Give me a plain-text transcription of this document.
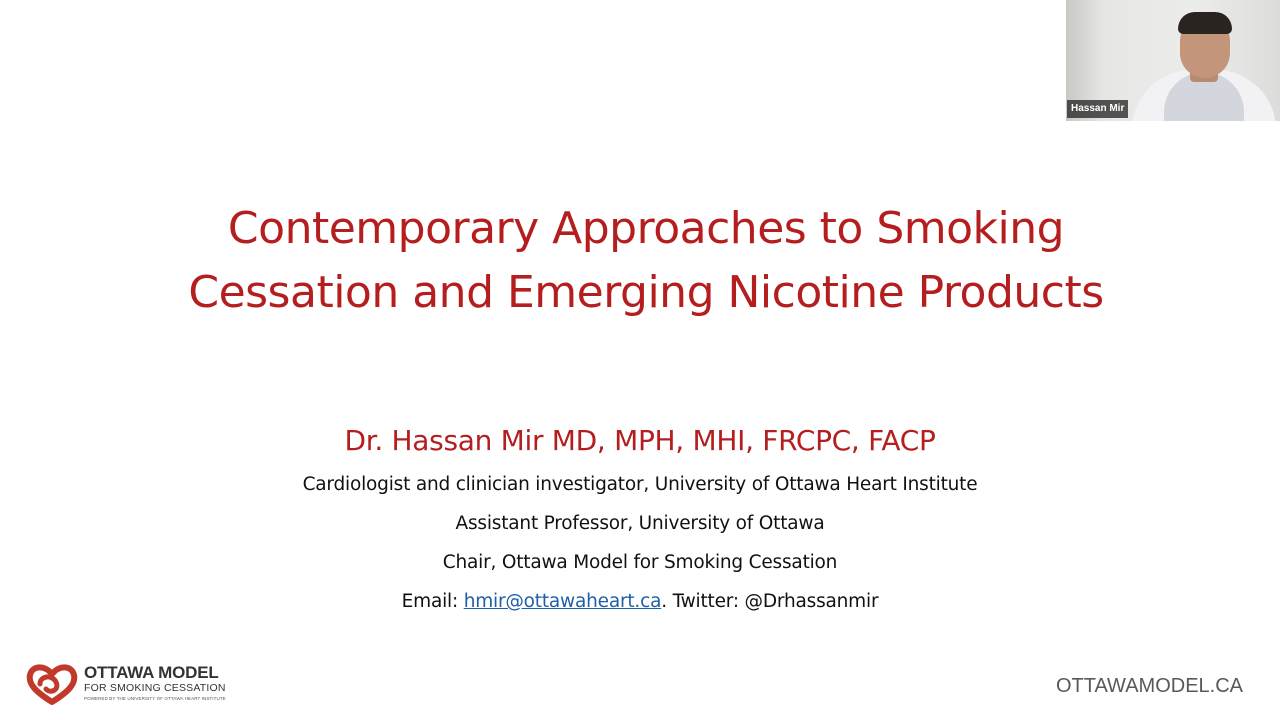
Contemporary Approaches to Smoking
Cessation and Emerging Nicotine Products
Dr. Hassan Mir MD, MPH, MHI, FRCPC, FACP
Cardiologist and clinician investigator, University of Ottawa Heart Institute
Assistant Professor, University of Ottawa
Chair, Ottawa Model for Smoking Cessation
Email: hmir@ottawaheart.ca. Twitter: @Drhassanmir
Hassan Mir
OTTAWA MODEL
FOR SMOKING CESSATION
POWERED BY THE UNIVERSITY OF OTTAWA HEART INSTITUTE
OTTAWAMODEL.CA
